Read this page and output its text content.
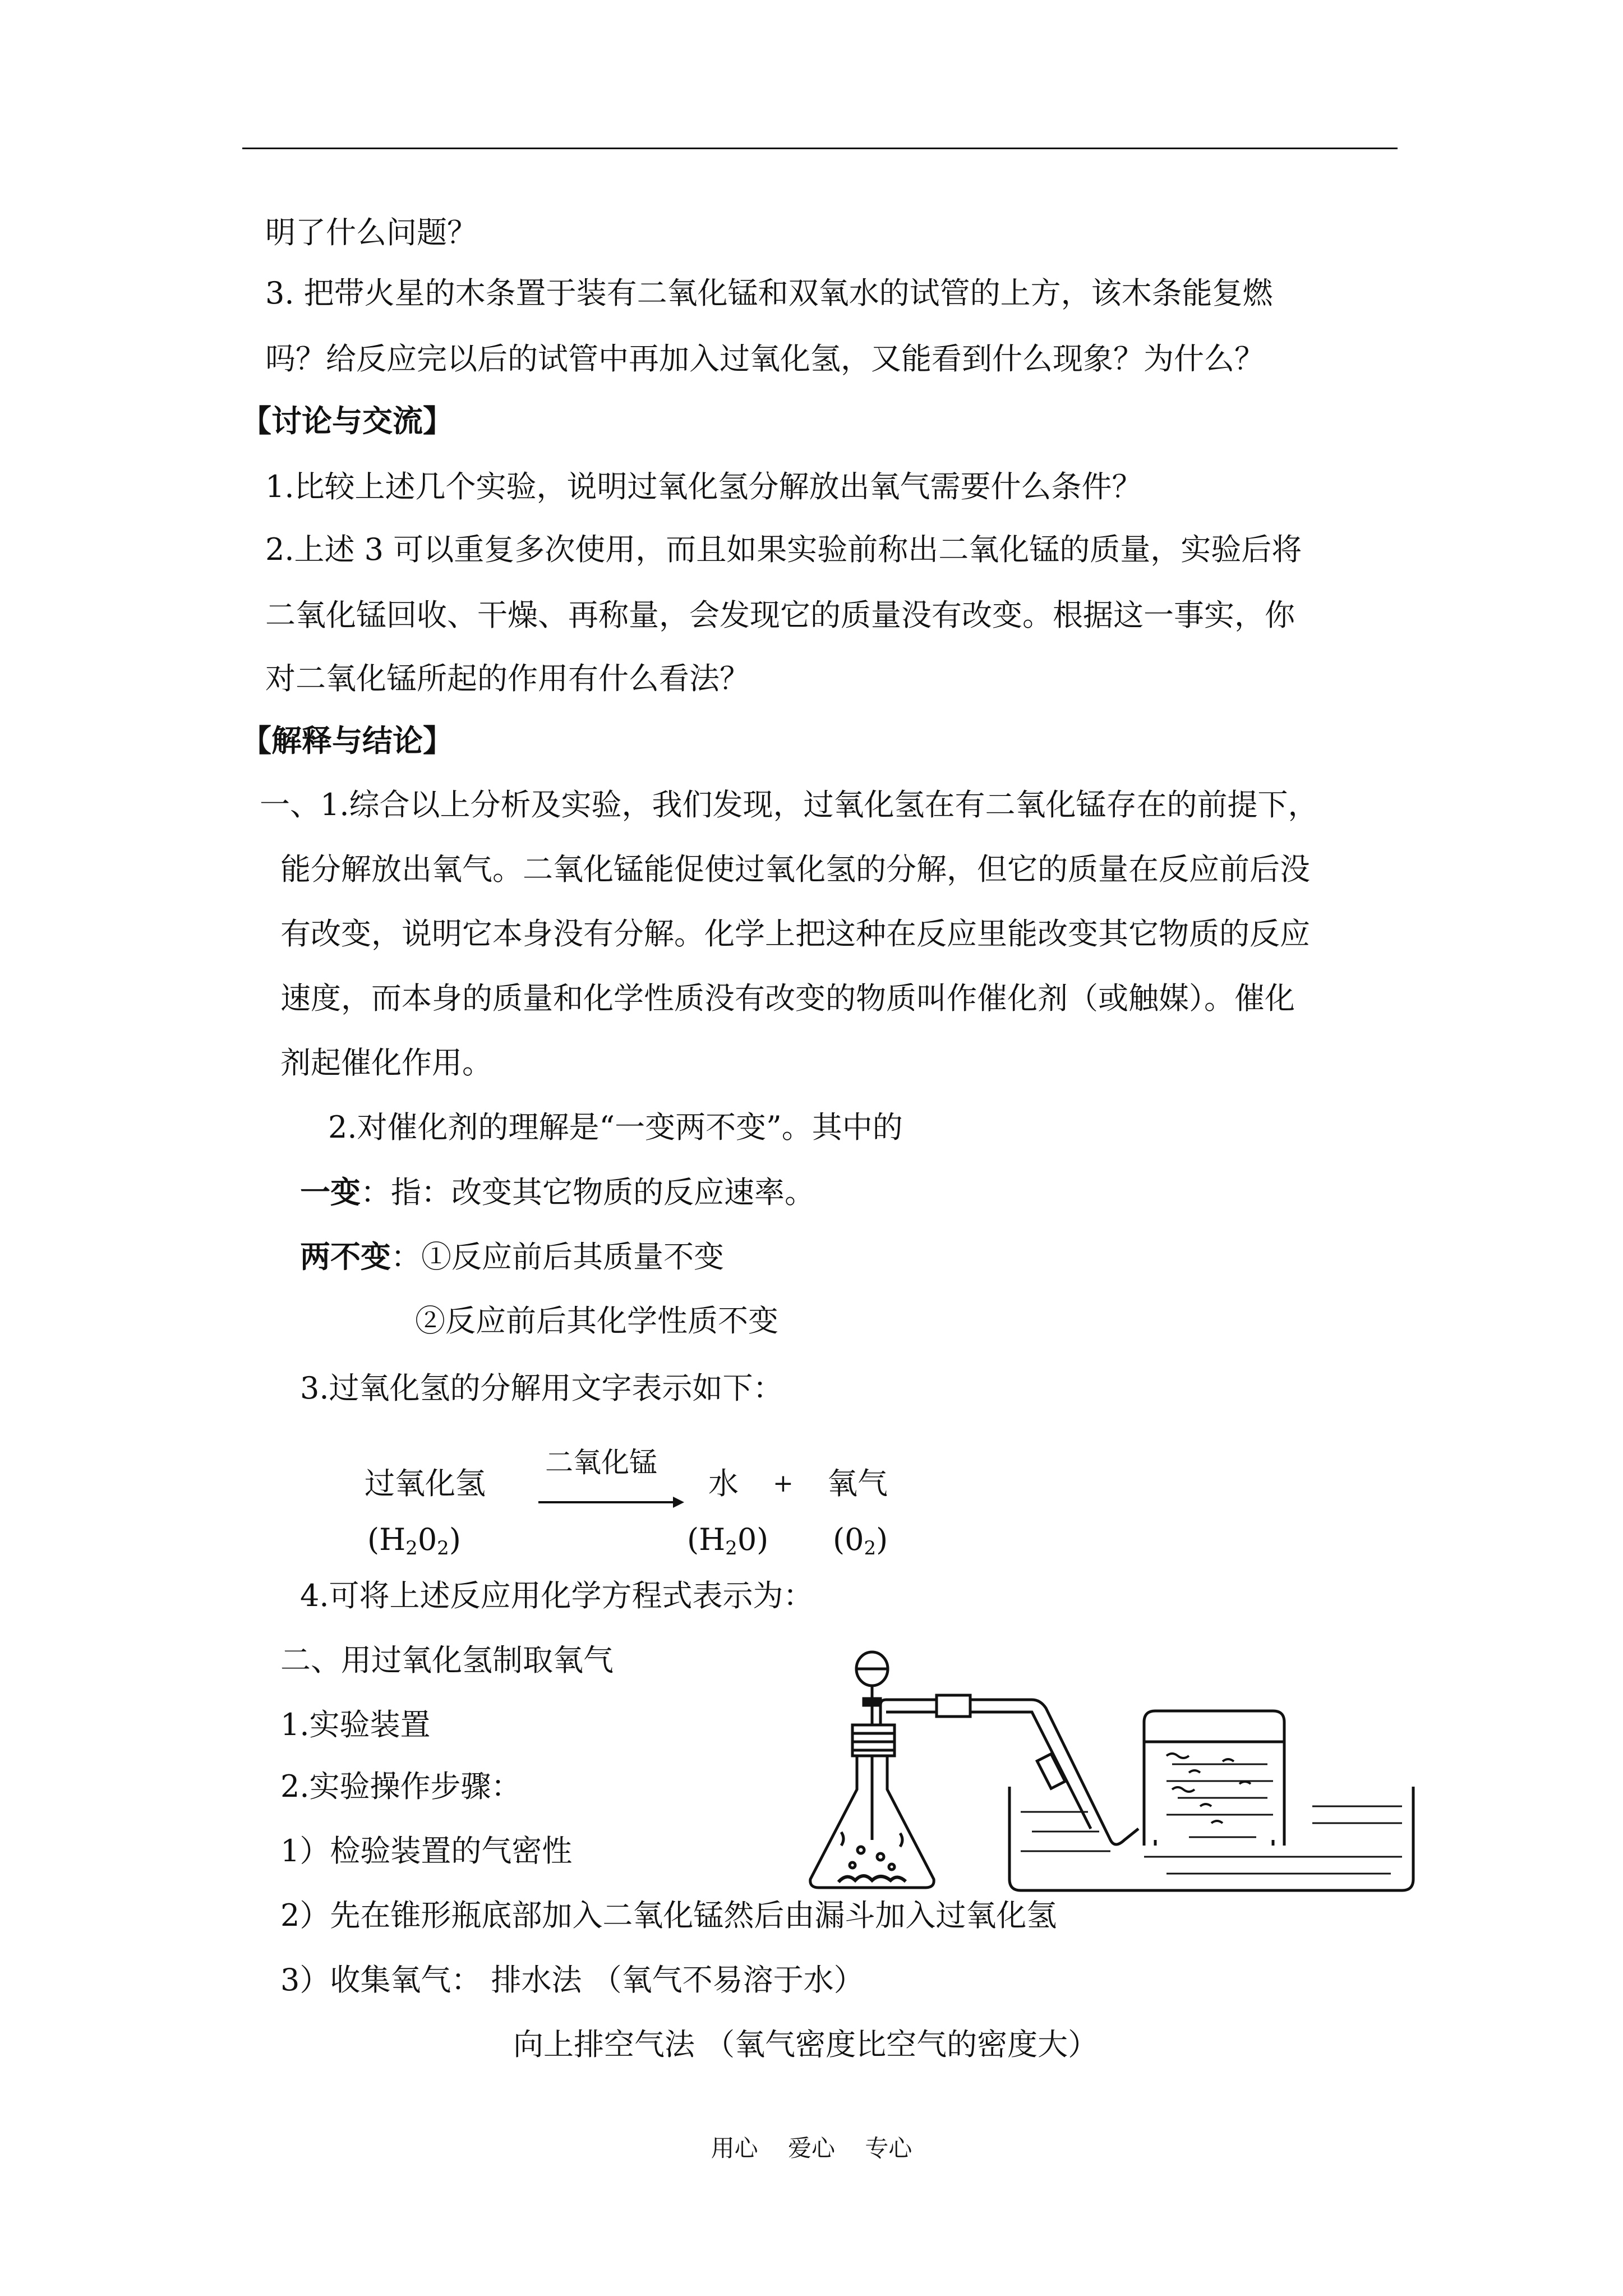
明了什么问题？
3. 把带火星的木条置于装有二氧化锰和双氧水的试管的上方，该木条能复燃
吗？给反应完以后的试管中再加入过氧化氢，又能看到什么现象？为什么？
【讨论与交流】
1.比较上述几个实验，说明过氧化氢分解放出氧气需要什么条件？
2.上述 3 可以重复多次使用，而且如果实验前称出二氧化锰的质量，实验后将
二氧化锰回收、干燥、再称量，会发现它的质量没有改变。根据这一事实，你
对二氧化锰所起的作用有什么看法？
【解释与结论】
一、1.综合以上分析及实验，我们发现，过氧化氢在有二氧化锰存在的前提下，
能分解放出氧气。二氧化锰能促使过氧化氢的分解，但它的质量在反应前后没
有改变，说明它本身没有分解。化学上把这种在反应里能改变其它物质的反应
速度，而本身的质量和化学性质没有改变的物质叫作催化剂（或触媒）。催化
剂起催化作用。
2.对催化剂的理解是“一变两不变”。其中的
一变：指：改变其它物质的反应速率。
两不变：①反应前后其质量不变
②反应前后其化学性质不变
3.过氧化氢的分解用文字表示如下：
过氧化氢
二氧化锰
水 + 氧气
$(H_20_2)$	$(H_20)$ $(0_2)$
4.可将上述反应用化学方程式表示为：
二、用过氧化氢制取氧气
1.实验装置
2.实验操作步骤：
1）检验装置的气密性
2）先在锥形瓶底部加入二氧化锰然后由漏斗加入过氧化氢
3）收集氧气： 排水法 （氧气不易溶于水）
向上排空气法 （氧气密度比空气的密度大）
用心    爱心    专心
